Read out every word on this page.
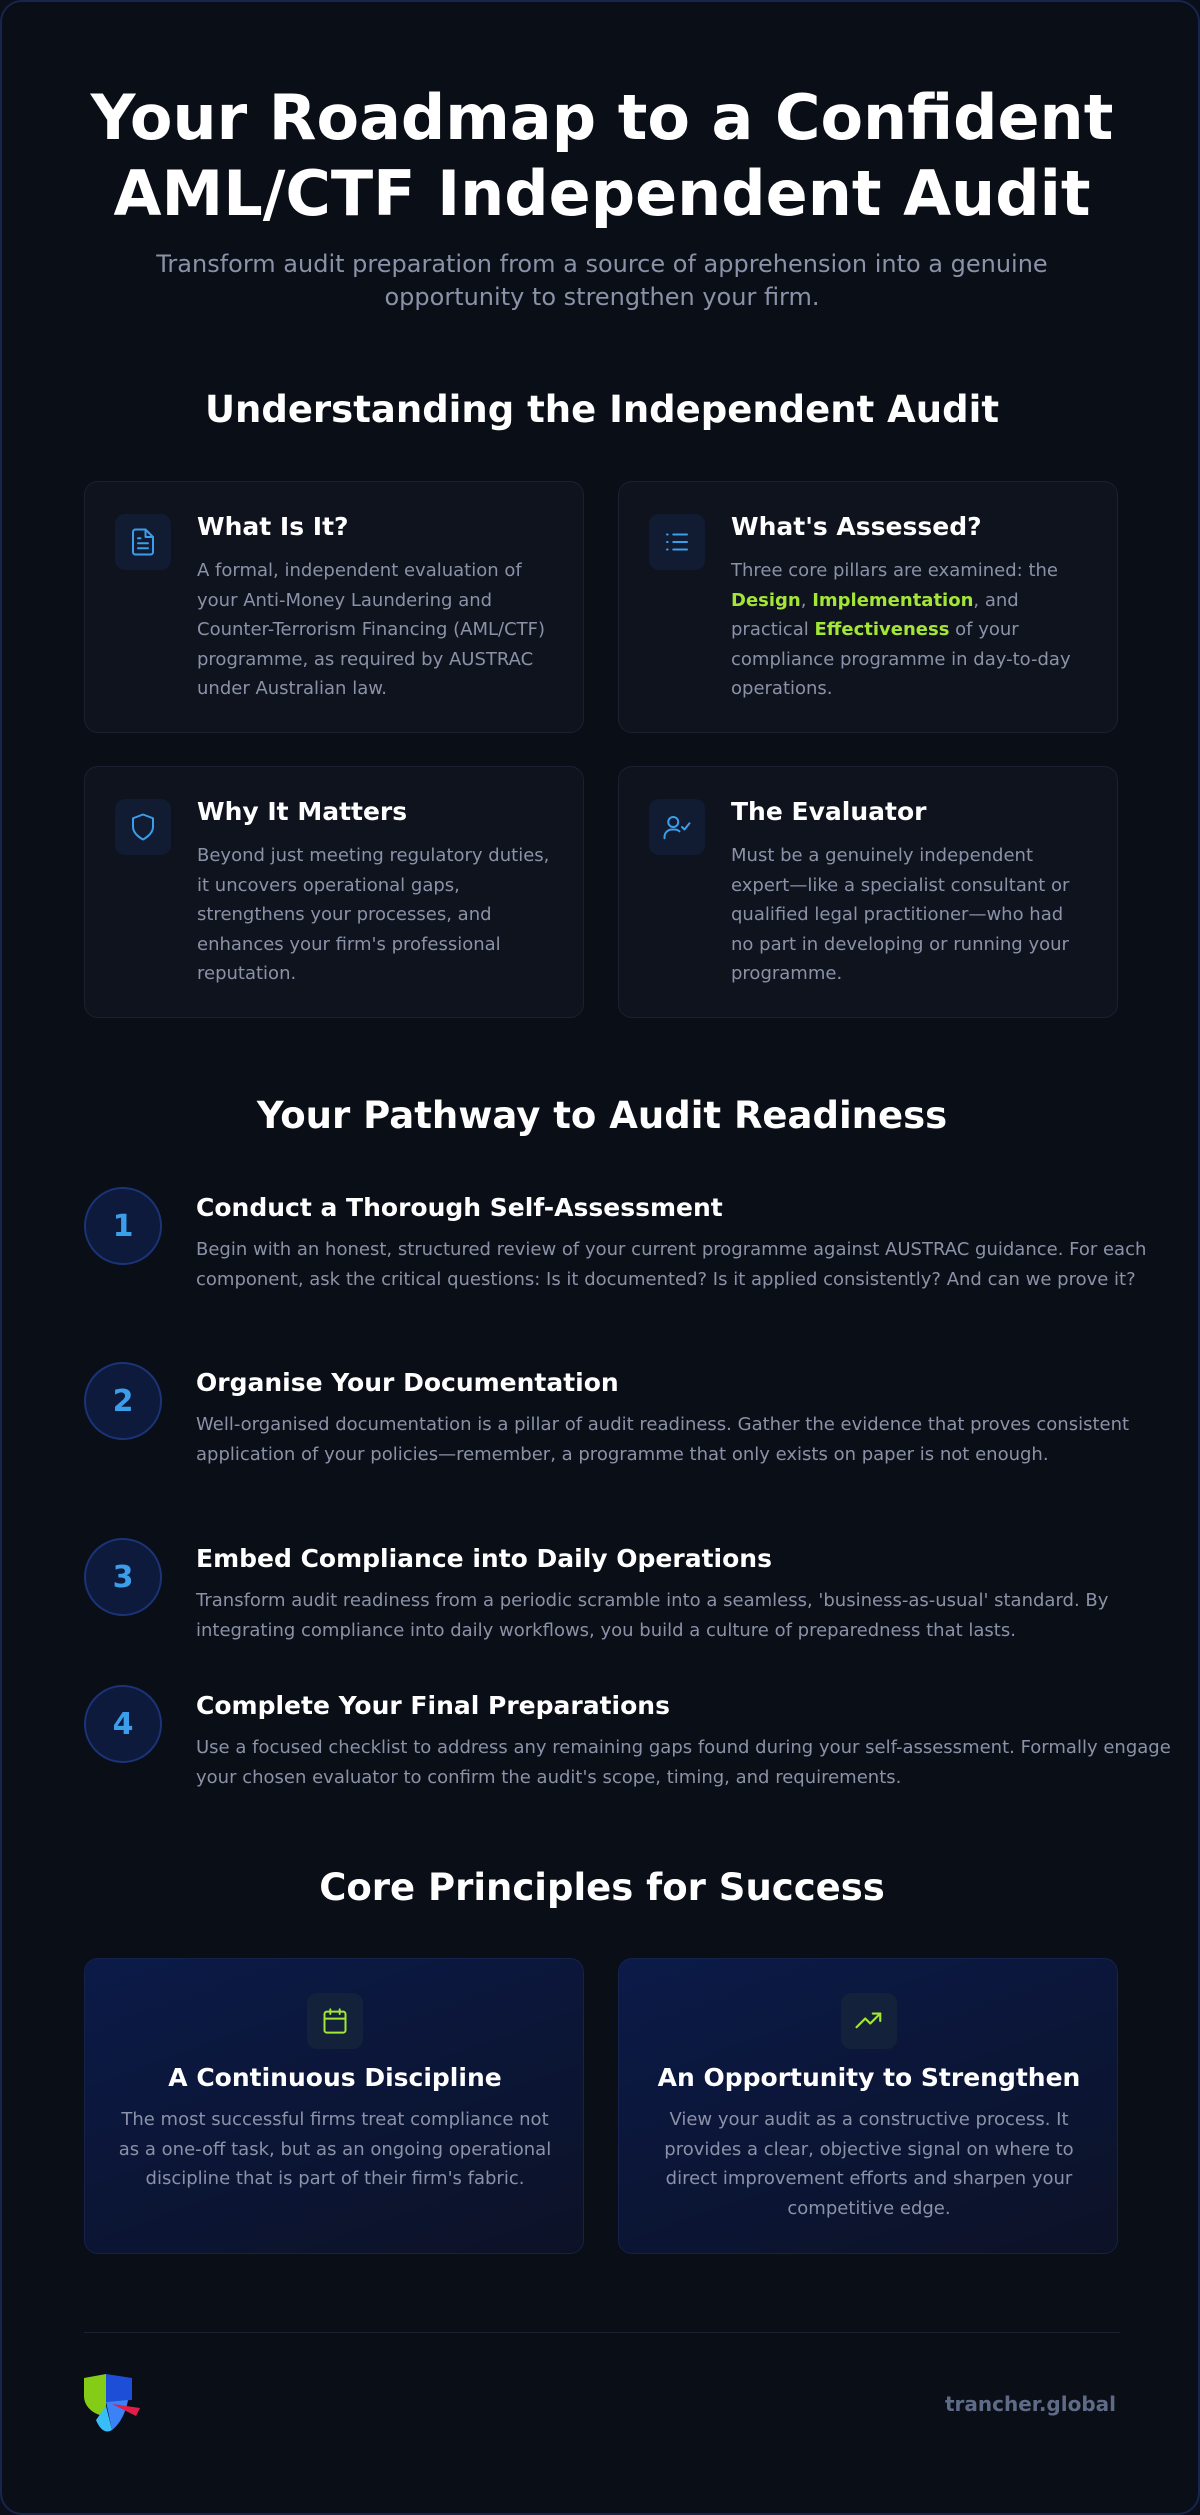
Your Roadmap to a Confident
AML/CTF Independent Audit

Transform audit preparation from a source of apprehension into a genuine opportunity to strengthen your firm.

Understanding the Independent Audit
What Is It?
A formal, independent evaluation of your Anti-Money Laundering and Counter-Terrorism Financing (AML/CTF) programme, as required by AUSTRAC under Australian law.
What's Assessed?
Three core pillars are examined: the Design, Implementation, and practical Effectiveness of your compliance programme in day-to-day operations.
Why It Matters
Beyond just meeting regulatory duties, it uncovers operational gaps, strengthens your processes, and enhances your firm's professional reputation.
The Evaluator
Must be a genuinely independent expert—like a specialist consultant or qualified legal practitioner—who had no part in developing or running your programme.
Your Pathway to Audit Readiness
1
Conduct a Thorough Self-Assessment
Begin with an honest, structured review of your current programme against AUSTRAC guidance. For each component, ask the critical questions: Is it documented? Is it applied consistently? And can we prove it?
2
Organise Your Documentation
Well-organised documentation is a pillar of audit readiness. Gather the evidence that proves consistent application of your policies—remember, a programme that only exists on paper is not enough.
3
Embed Compliance into Daily Operations
Transform audit readiness from a periodic scramble into a seamless, 'business-as-usual' standard. By integrating compliance into daily workflows, you build a culture of preparedness that lasts.
4
Complete Your Final Preparations
Use a focused checklist to address any remaining gaps found during your self-assessment. Formally engage your chosen evaluator to confirm the audit's scope, timing, and requirements.
Core Principles for Success
A Continuous Discipline
The most successful firms treat compliance not as a one-off task, but as an ongoing operational discipline that is part of their firm's fabric.
An Opportunity to Strengthen
View your audit as a constructive process. It provides a clear, objective signal on where to direct improvement efforts and sharpen your competitive edge.
trancher.global
